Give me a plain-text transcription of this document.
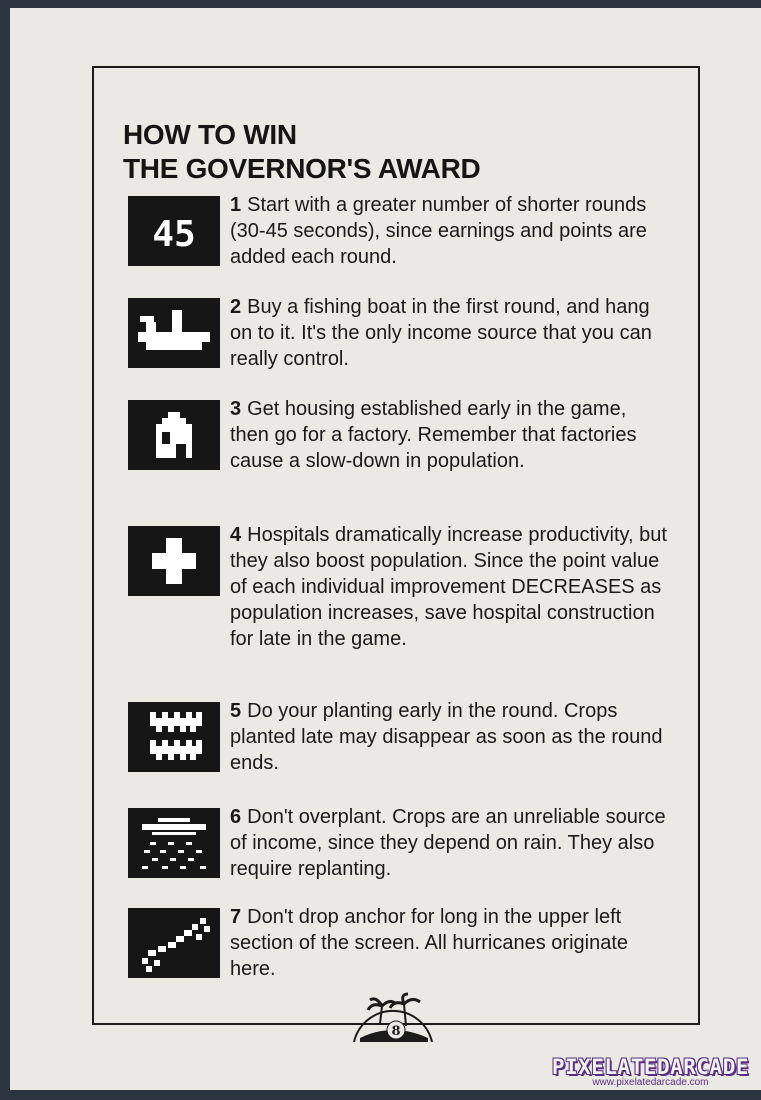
HOW TO WIN
THE GOVERNOR'S AWARD
45
1 Start with a greater number of shorter rounds (30-45 seconds), since earnings and points are added each round.
2 Buy a fishing boat in the first round, and hang on to it. It's the only income source that you can really control.
3 Get housing established early in the game, then go for a factory. Remember that factories cause a slow-down in population.
4 Hospitals dramatically increase productivity, but they also boost population. Since the point value of each individual improvement DECREASES as population increases, save hospital construction for late in the game.
5 Do your planting early in the round. Crops planted late may disappear as soon as the round ends.
6 Don't overplant. Crops are an unreliable source of income, since they depend on rain. They also require replanting.
7 Don't drop anchor for long in the upper left section of the screen. All hurricanes originate here.
8
PIXELATEDARCADE
www.pixelatedarcade.com
